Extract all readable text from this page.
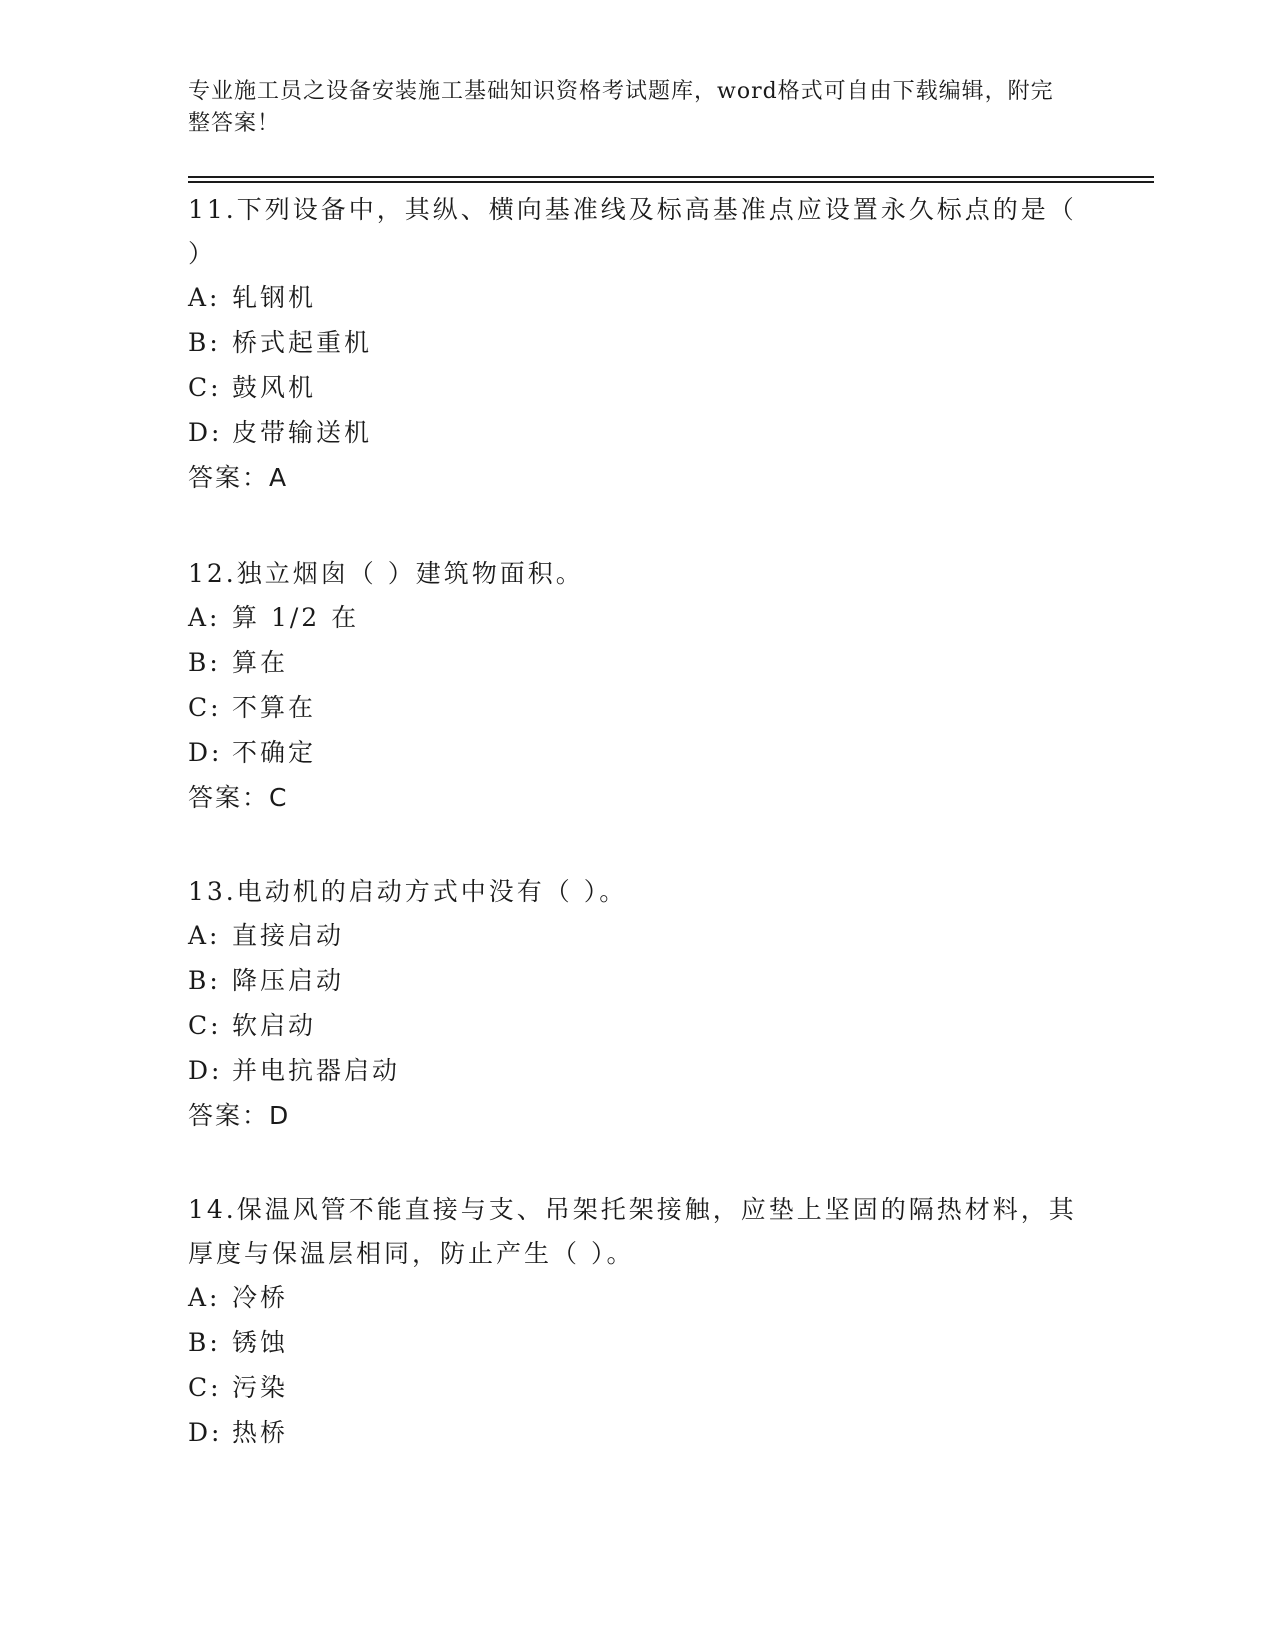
专业施工员之设备安装施工基础知识资格考试题库，word格式可自由下载编辑，附完整答案！

11.下列设备中，其纵、横向基准线及标高基准点应设置永久标点的是（ ）

A: 轧钢机

B: 桥式起重机

C: 鼓风机

D: 皮带输送机

答案：A

12.独立烟囱（ ）建筑物面积。

A: 算 1/2 在

B: 算在

C: 不算在

D: 不确定

答案：C

13.电动机的启动方式中没有（ ）。

A: 直接启动

B: 降压启动

C: 软启动

D: 并电抗器启动

答案：D

14.保温风管不能直接与支、吊架托架接触，应垫上坚固的隔热材料，其厚度与保温层相同，防止产生（ ）。

A: 冷桥

B: 锈蚀

C: 污染

D: 热桥
